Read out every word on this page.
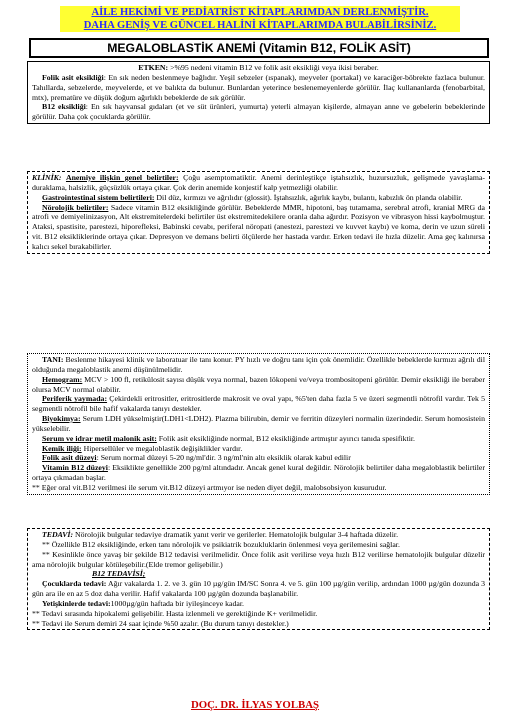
AİLE HEKİMİ VE PEDİATRİST KİTAPLARIMDAN DERLENMİŞTİR.
DAHA GENİŞ VE GÜNCEL HALİNİ KİTAPLARIMDA BULABİLİRSİNİZ.
MEGALOBLASTİK ANEMİ (Vitamin B12, FOLİK ASİT)

ETKEN: >%95 nedeni vitamin B12 ve folik asit eksikliği veya ikisi beraber.

Folik asit eksikliği: En sık neden beslenmeye bağlıdır. Yeşil sebzeler (ıspanak), meyveler (portakal) ve karaciğer-böbrekte fazlaca bulunur. Tahıllarda, sebzelerde, meyvelerde, et ve balıkta da bulunur. Bunlardan yeterince beslenemeyenlerde görülür. İlaç kullananlarda (fenobarbital, mtx), prematüre ve düşük doğum ağırlıklı bebeklerde de sık görülür.

B12 eksikliği: En sık hayvansal gıdaları (et ve süt ürünleri, yumurta) yeterli almayan kişilerde, almayan anne ve gebelerin bebeklerinde görülür. Daha çok çocuklarda görülür.

KLİNİK: Anemiye ilişkin genel belirtiler: Çoğu asemptomatiktir. Anemi derinleştikçe iştahsızlık, huzursuzluk, gelişmede yavaşlama-duraklama, halsizlik, güçsüzlük ortaya çıkar. Çok derin anemide konjestif kalp yetmezliği olabilir.

Gastrointestinal sistem belirtileri: Dil düz, kırmızı ve ağrılıdır (glossit). İştahsızlık, ağırlık kaybı, bulantı, kabızlık ön planda olabilir.

Nörolojik belirtiler: Sadece vitamin B12 eksikliğinde görülür. Bebeklerde MMR, hipotoni, baş tutamama, serebral atrofi, kranial MRG da atrofi ve demiyelinizasyon, Alt ekstremitelerdeki belirtiler üst ekstremitedekilere oranla daha ağırdır. Pozisyon ve vibrasyon hissi kaybolmuştur. Ataksi, spastisite, parestezi, hiporefleksi, Babinski cevabı, periferal nöropati (anestezi, parestezi ve kuvvet kaybı) ve koma, derin ve uzun süreli vit. B12 eksikliklerinde ortaya çıkar. Depresyon ve demans belirti ölçülerde her hastada vardır. Erken tedavi ile hızla düzelir. Ama geç kalınırsa kalıcı sekel bırakabilirler.

TANI: Beslenme hikayesi klinik ve laboratuar ile tanı konur. PY hızlı ve doğru tanı için çok önemlidir. Özellikle bebeklerde kırmızı ağrılı dil olduğunda megaloblastik anemi düşünülmelidir.

Hemogram: MCV > 100 fl, retikülosit sayısı düşük veya normal, bazen lökopeni ve/veya trombositopeni görülür. Demir eksikliği ile beraber olursa MCV normal olabilir.

Periferik yaymada: Çekirdekli eritrositler, eritrositlerde makrosit ve oval yapı, %5'ten daha fazla 5 ve üzeri segmentli nötrofil vardır. Tek 5 segmentli nötrofil bile hafif vakalarda tanıyı destekler.

Biyokimya: Serum LDH yükselmiştir(LDH1<LDH2). Plazma bilirubin, demir ve ferritin düzeyleri normalin üzerindedir. Serum homosistein yükselebilir.

Serum ve idrar metil malonik asit: Folik asit eksikliğinde normal, B12 eksikliğinde artmıştır ayırıcı tanıda spesifiktir.

Kemik iliği: Hipersellüler ve megaloblastik değişiklikler vardır.

Folik asit düzeyi: Serum normal düzeyi 5-20 ng/ml'dir. 3 ng/ml'nin altı eksiklik olarak kabul edilir

Vitamin B12 düzeyi: Eksiklikte genellikle 200 pg/ml altındadır. Ancak genel kural değildir. Nörolojik belirtiler daha megaloblastik belirtiler ortaya çıkmadan başlar.

** Eğer oral vit.B12 verilmesi ile serum vit.B12 düzeyi artmıyor ise neden diyet değil, malobsobsiyon kusurudur.

TEDAVİ: Nörolojik bulgular tedaviye dramatik yanıt verir ve gerilerler. Hematolojik bulgular 3-4 haftada düzelir.

** Özellikle B12 eksikliğinde, erken tanı nörolojik ve psikiatrik bozukluklarin önlenmesi veya gerilemesini sağlar.

** Kesinlikle önce yavaş bir şekilde B12 tedavisi verilmelidir. Önce folik asit verilirse veya hızlı B12 verilirse hematolojik bulgular düzelir ama nörolojik bulgular kötüleşebilir.(Elde tremor gelişebilir.)

B12 TEDAVİSİ;

Çocuklarda tedavi: Ağır vakalarda 1. 2. ve 3. gün 10 µg/gün IM/SC Sonra 4. ve 5. gün 100 µg/gün verilip, ardından 1000 µg/gün dozunda 3 gün ara ile en az 5 doz daha verilir. Hafif vakalarda 100 µg/gün dozunda başlanabilir.

Yetişkinlerde tedavi:1000µg/gün haftada bir iyileşinceye kadar.

** Tedavi sırasında hipokalemi gelişebilir. Hasta izlenmeli ve gerektiğinde K+ verilmelidir.

** Tedavi ile Serum demiri 24 saat içinde %50 azalır. (Bu durum tanıyı destekler.)

DOÇ. DR. İLYAS YOLBAŞ
